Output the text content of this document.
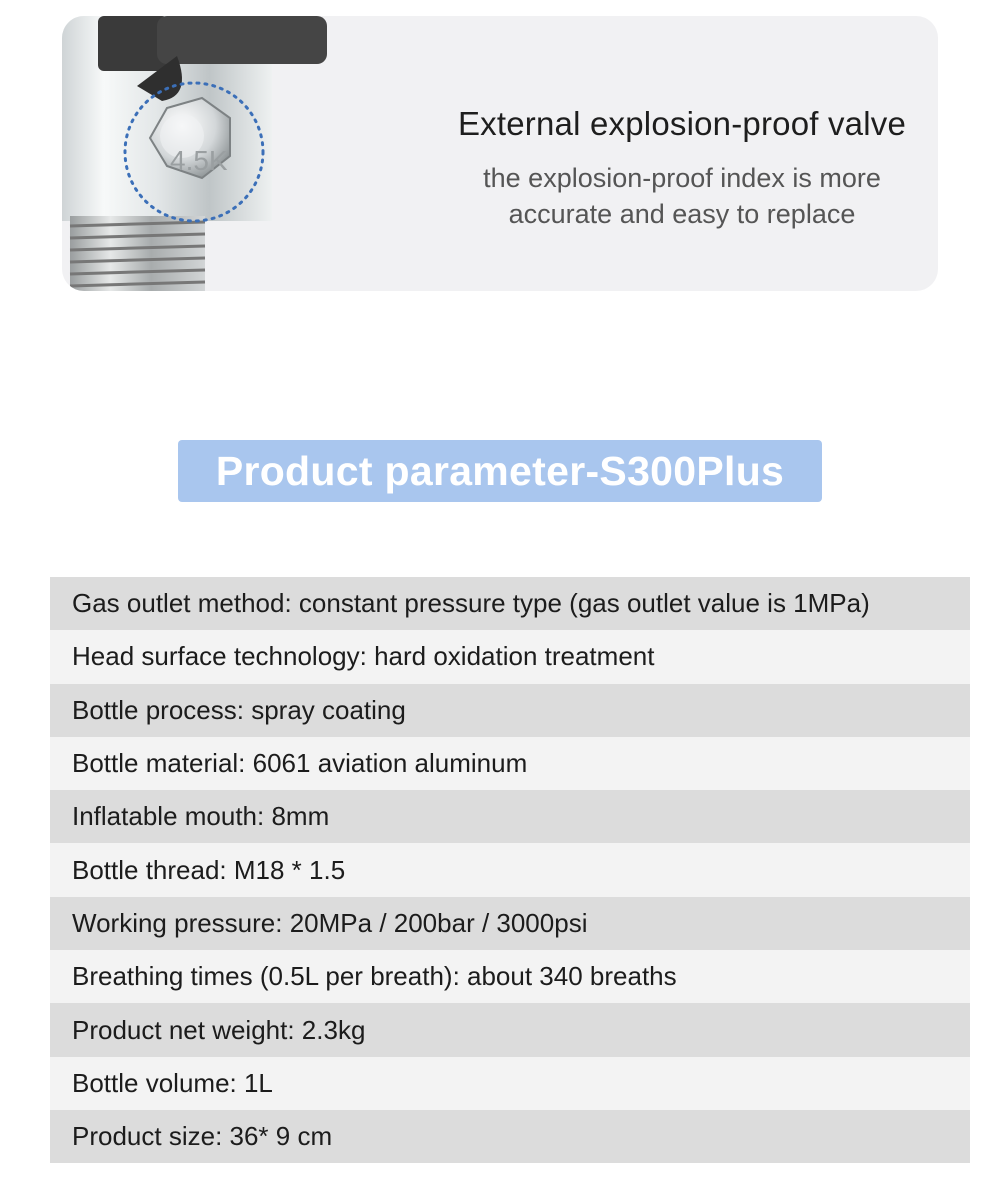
4.5K

External explosion-proof valve

the explosion-proof index is more
accurate and easy to replace

Product parameter-S300Plus
Gas outlet method: constant pressure type (gas outlet value is 1MPa)
Head surface technology: hard oxidation treatment
Bottle process: spray coating
Bottle material: 6061 aviation aluminum
Inflatable mouth: 8mm
Bottle thread: M18 * 1.5
Working pressure: 20MPa / 200bar / 3000psi
Breathing times (0.5L per breath): about 340 breaths
Product net weight: 2.3kg
Bottle volume: 1L
Product size: 36* 9 cm
